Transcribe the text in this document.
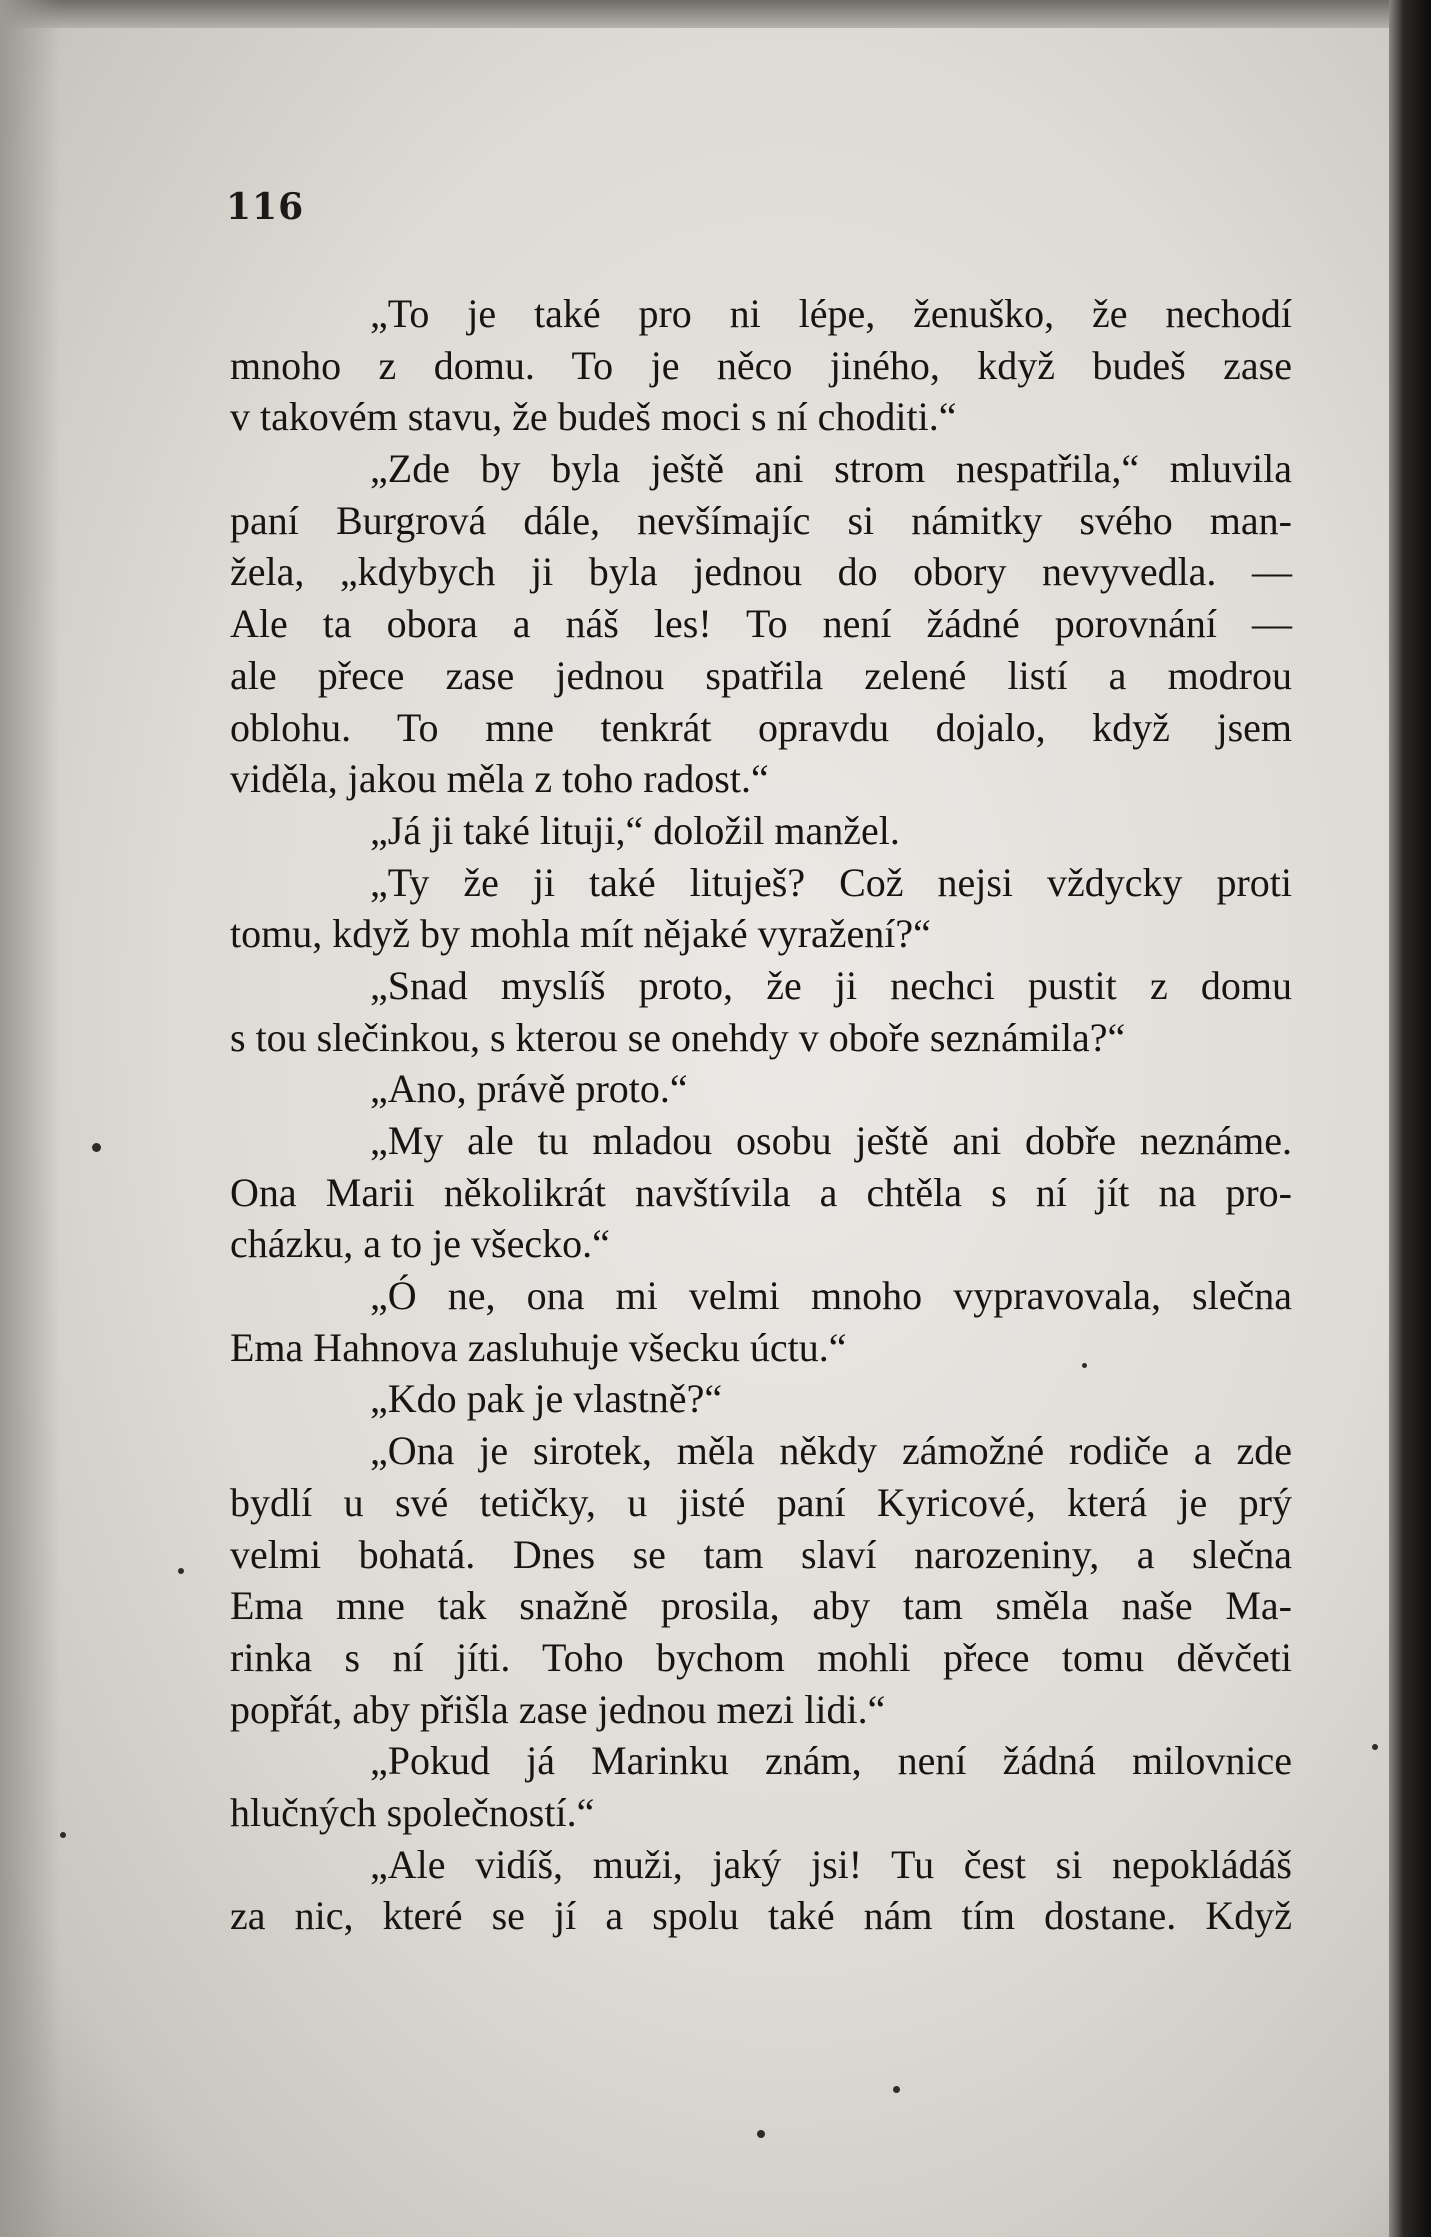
116
„To je také pro ni lépe, ženuško, že nechodí
mnoho z domu. To je něco jiného, když budeš zase
v takovém stavu, že budeš moci s ní choditi.“
„Zde by byla ještě ani strom nespatřila,“ mluvila
paní Burgrová dále, nevšímajíc si námitky svého man-
žela, „kdybych ji byla jednou do obory nevyvedla. —
Ale ta obora a náš les! To není žádné porovnání —
ale přece zase jednou spatřila zelené listí a modrou
oblohu. To mne tenkrát opravdu dojalo, když jsem
viděla, jakou měla z toho radost.“
„Já ji také lituji,“ doložil manžel.
„Ty že ji také lituješ? Což nejsi vždycky proti
tomu, když by mohla mít nějaké vyražení?“
„Snad myslíš proto, že ji nechci pustit z domu
s tou slečinkou, s kterou se onehdy v oboře seznámila?“
„Ano, právě proto.“
„My ale tu mladou osobu ještě ani dobře neznáme.
Ona Marii několikrát navštívila a chtěla s ní jít na pro-
cházku, a to je všecko.“
„Ó ne, ona mi velmi mnoho vypravovala, slečna
Ema Hahnova zasluhuje všecku úctu.“
„Kdo pak je vlastně?“
„Ona je sirotek, měla někdy zámožné rodiče a zde
bydlí u své tetičky, u jisté paní Kyricové, která je prý
velmi bohatá. Dnes se tam slaví narozeniny, a slečna
Ema mne tak snažně prosila, aby tam směla naše Ma-
rinka s ní jíti. Toho bychom mohli přece tomu děvčeti
popřát, aby přišla zase jednou mezi lidi.“
„Pokud já Marinku znám, není žádná milovnice
hlučných společností.“
„Ale vidíš, muži, jaký jsi! Tu čest si nepokládáš
za nic, které se jí a spolu také nám tím dostane. Když
